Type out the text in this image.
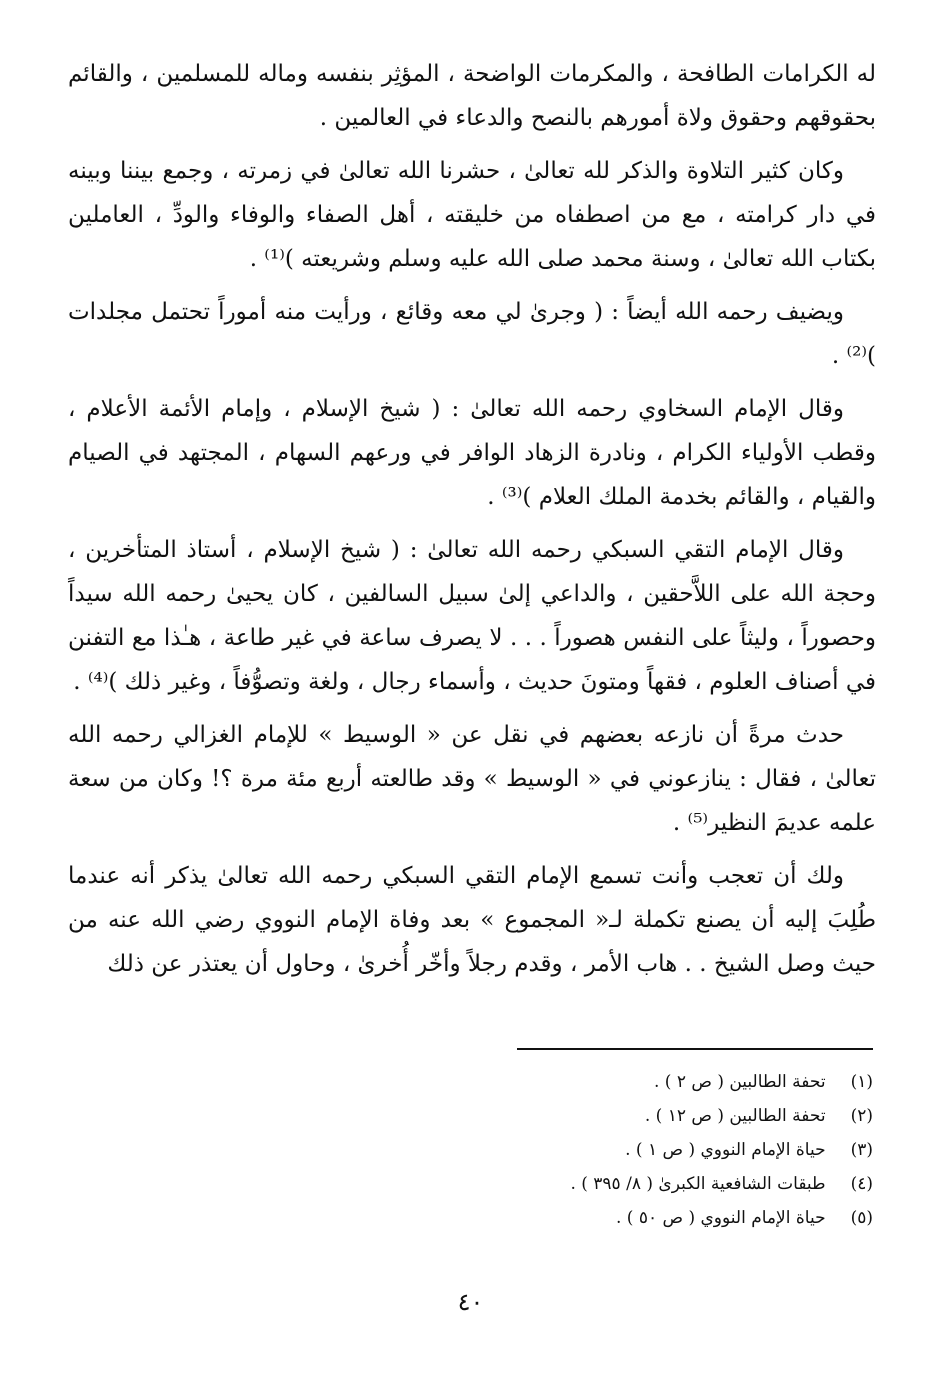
له الكرامات الطافحة ، والمكرمات الواضحة ، المؤثِر بنفسه وماله للمسلمين ، والقائم بحقوقهم وحقوق ولاة أمورهم بالنصح والدعاء في العالمين .

وكان كثير التلاوة والذكر لله تعالىٰ ، حشرنا الله تعالىٰ في زمرته ، وجمع بيننا وبينه في دار كرامته ، مع من اصطفاه من خليقته ، أهل الصفاء والوفاء والودِّ ، العاملين بكتاب الله تعالىٰ ، وسنة محمد صلى الله عليه وسلم وشريعته )⁽¹⁾ .

ويضيف رحمه الله أيضاً : ( وجرىٰ لي معه وقائع ، ورأيت منه أموراً تحتمل مجلدات )⁽²⁾ .

وقال الإمام السخاوي رحمه الله تعالىٰ : ( شيخ الإسلام ، وإمام الأئمة الأعلام ، وقطب الأولياء الكرام ، ونادرة الزهاد الوافر في ورعهم السهام ، المجتهد في الصيام والقيام ، والقائم بخدمة الملك العلام )⁽³⁾ .

وقال الإمام التقي السبكي رحمه الله تعالىٰ : ( شيخ الإسلام ، أستاذ المتأخرين ، وحجة الله على اللاَّحقين ، والداعي إلىٰ سبيل السالفين ، كان يحيىٰ رحمه الله سيداً وحصوراً ، وليثاً على النفس هصوراً . . . لا يصرف ساعة في غير طاعة ، هـٰذا مع التفنن في أصناف العلوم ، فقهاً ومتونَ حديث ، وأسماء رجال ، ولغة وتصوُّفاً ، وغير ذلك )⁽⁴⁾ .

حدث مرةً أن نازعه بعضهم في نقل عن « الوسيط » للإمام الغزالي رحمه الله تعالىٰ ، فقال : ينازعوني في « الوسيط » وقد طالعته أربع مئة مرة ؟! وكان من سعة علمه عديمَ النظير⁽⁵⁾ .

ولك أن تعجب وأنت تسمع الإمام التقي السبكي رحمه الله تعالىٰ يذكر أنه عندما طُلِبَ إليه أن يصنع تكملة لـ« المجموع » بعد وفاة الإمام النووي رضي الله عنه من حيث وصل الشيخ . . هاب الأمر ، وقدم رجلاً وأخّر أُخرىٰ ، وحاول أن يعتذر عن ذلك

(١) تحفة الطالبين ( ص ٢ ) .
(٢) تحفة الطالبين ( ص ١٢ ) .
(٣) حياة الإمام النووي ( ص ١ ) .
(٤) طبقات الشافعية الكبرىٰ ( ٨/ ٣٩٥ ) .
(٥) حياة الإمام النووي ( ص ٥٠ ) .
٤٠
